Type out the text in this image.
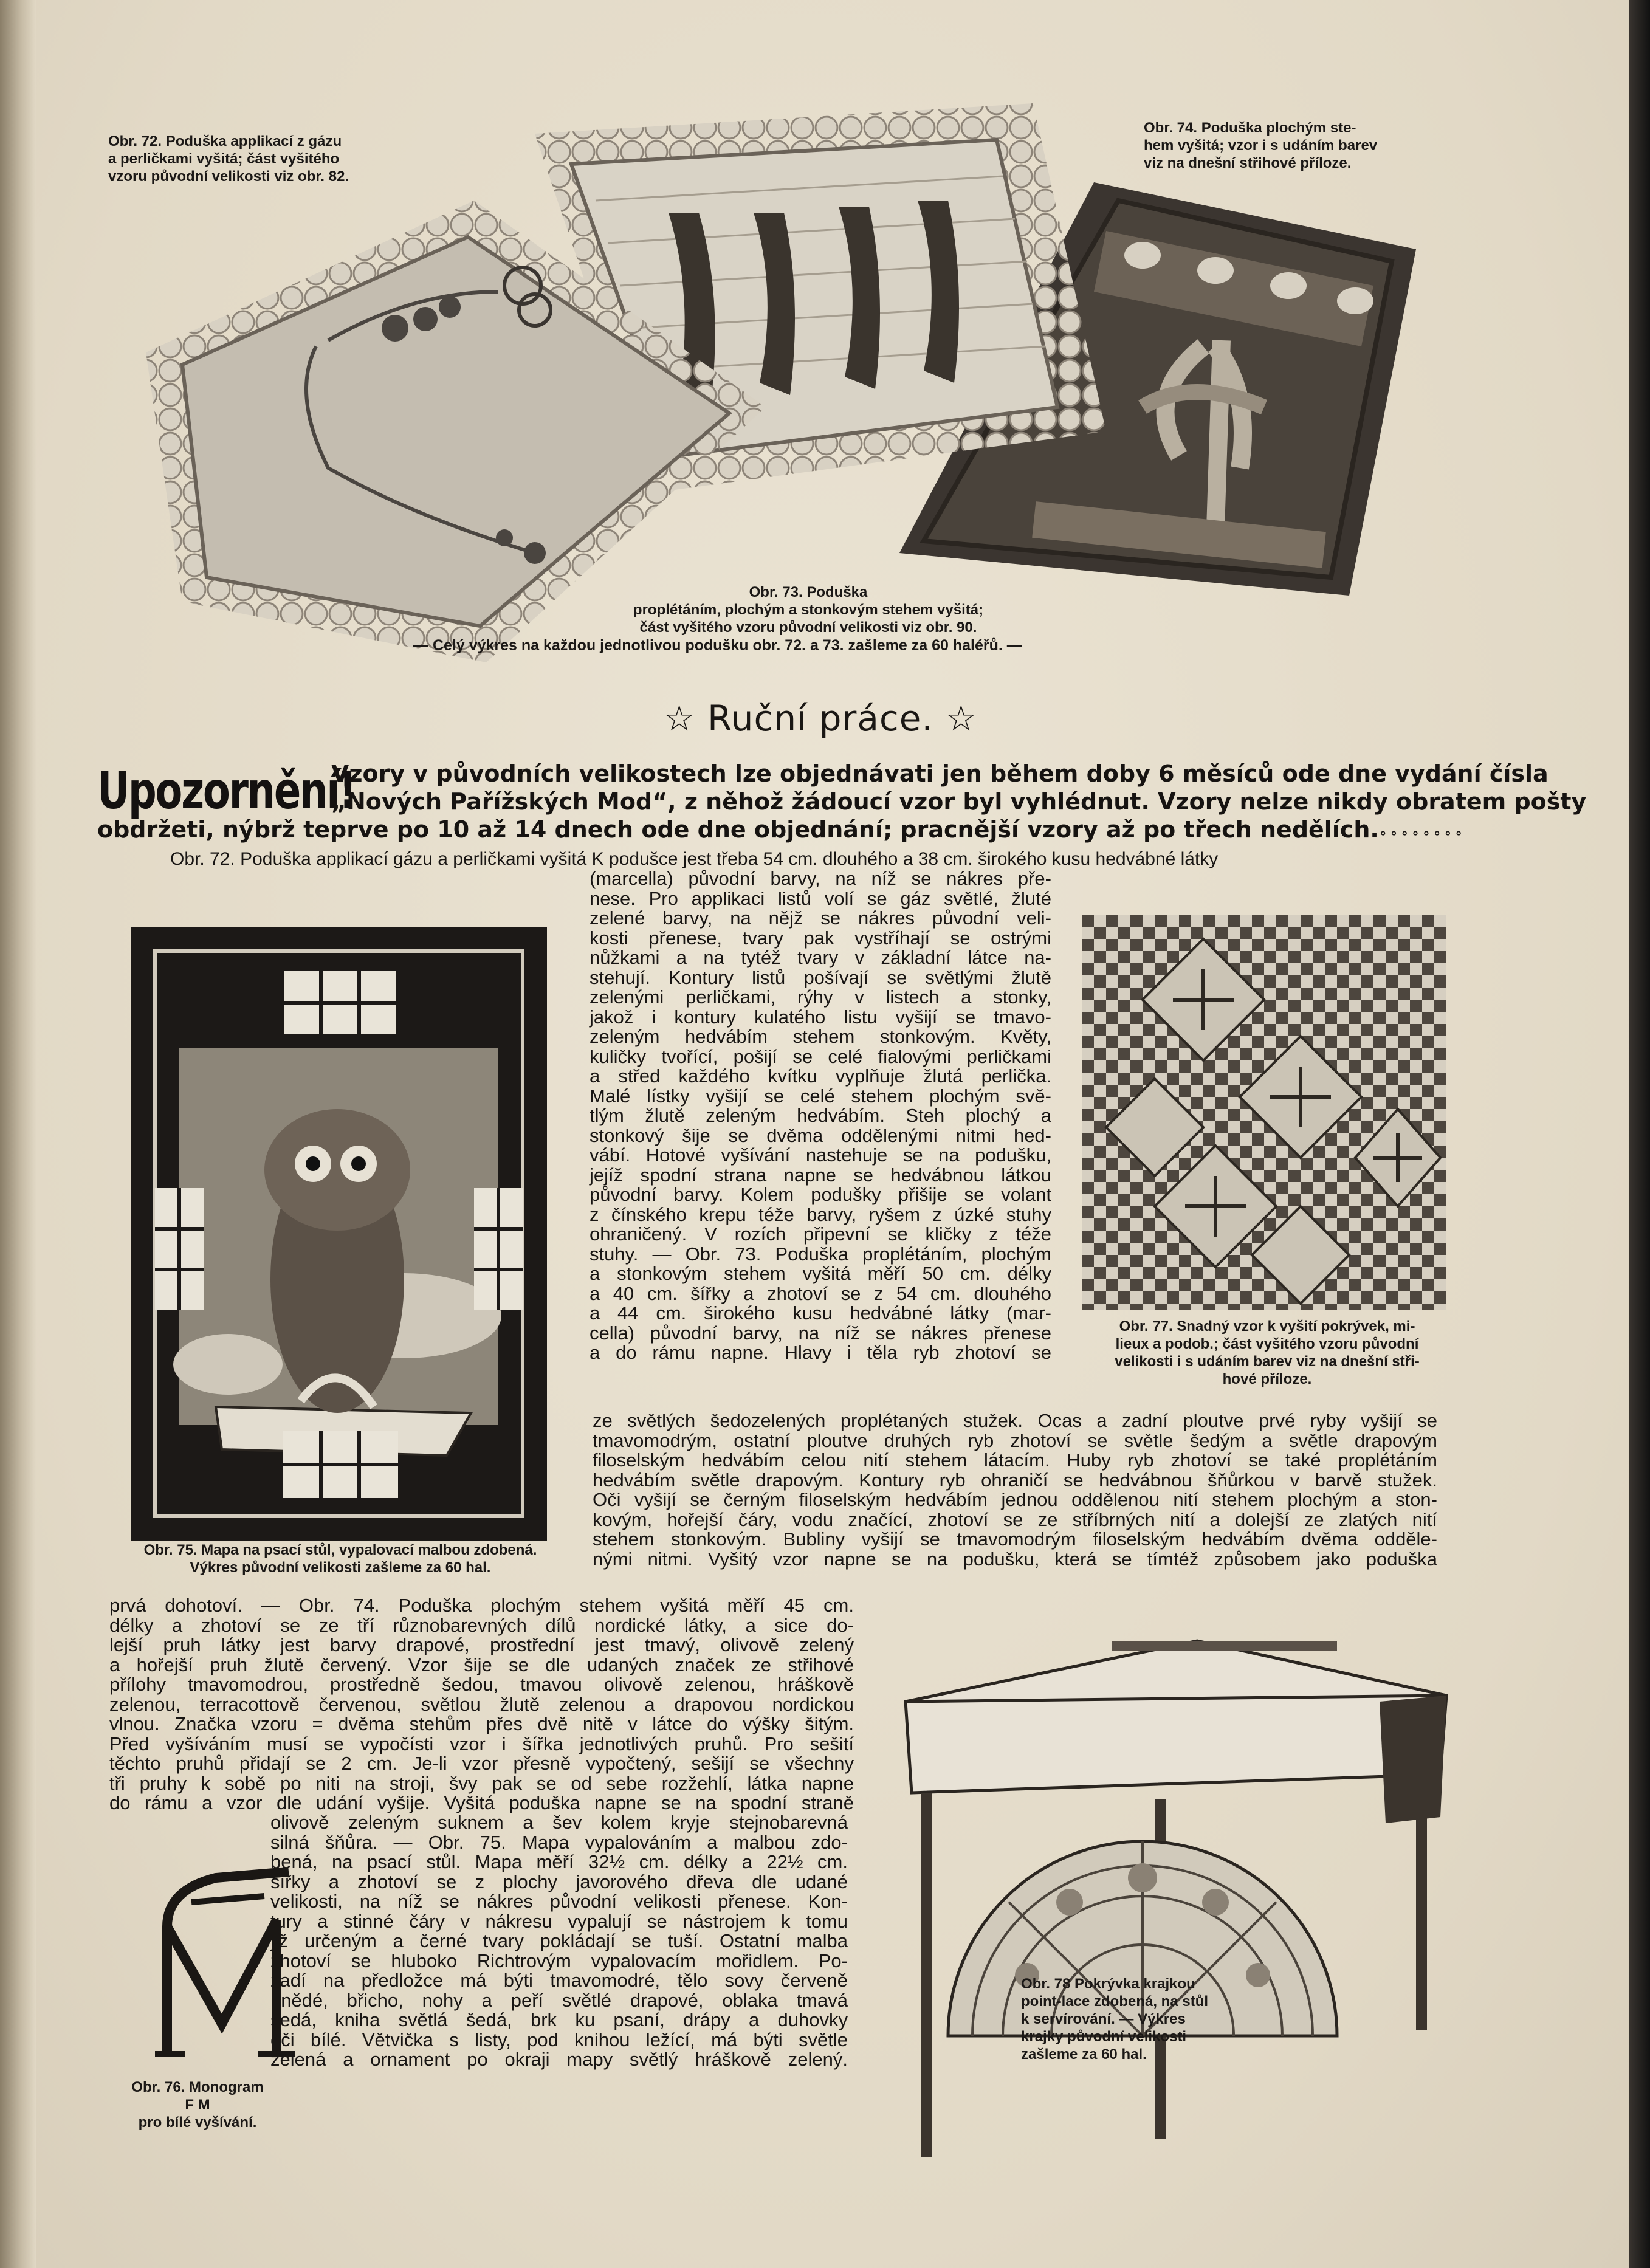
Obr. 72. Poduška applikací z gázu
a perličkami vyšitá; část vyšitého
vzoru původní velikosti viz obr. 82.
Obr. 74. Poduška plochým ste-
hem vyšitá; vzor i s udáním barev
viz na dnešní střihové příloze.
Obr. 73. Poduška
proplétáním, plochým a stonkovým stehem vyšitá;
část vyšitého vzoru původní velikosti viz obr. 90.
— Celý výkres na každou jednotlivou podušku obr. 72. a 73. zašleme za 60 haléřů. —
☆ Ruční práce. ☆
Upozornění!
Vzory v původních velikostech lze objednávati jen během doby 6 měsíců ode dne vydání čísla
„Nových Pařížských Mod“, z něhož žádoucí vzor byl vyhlédnut. Vzory nelze nikdy obratem pošty
obdržeti, nýbrž teprve po 10 až 14 dnech ode dne objednání; pracnější vzory až po třech nedělích.∘∘∘∘∘∘∘∘
Obr. 72. Poduška applikací gázu a perličkami vyšitá K podušce jest třeba 54 cm. dlouhého a 38 cm. širokého kusu hedvábné látky
Obr. 75. Mapa na psací stůl, vypalovací malbou zdobená.
Výkres původní velikosti zašleme za 60 hal.
(marcella) původní barvy, na níž se nákres pře-
nese. Pro applikaci listů volí se gáz světlé, žluté
zelené barvy, na nějž se nákres původní veli-
kosti přenese, tvary pak vystříhají se ostrými
nůžkami a na tytéž tvary v základní látce na-
stehují. Kontury listů pošívají se světlými žlutě
zelenými perličkami, rýhy v listech a stonky,
jakož i kontury kulatého listu vyšijí se tmavo-
zeleným hedvábím stehem stonkovým. Květy,
kuličky tvořící, pošijí se celé fialovými perličkami
a střed každého kvítku vyplňuje žlutá perlička.
Malé lístky vyšijí se celé stehem plochým svě-
tlým žlutě zeleným hedvábím. Steh plochý a
stonkový šije se dvěma oddělenými nitmi hed-
vábí. Hotové vyšívání nastehuje se na podušku,
jejíž spodní strana napne se hedvábnou látkou
původní barvy. Kolem podušky přišije se volant
z čínského krepu téže barvy, ryšem z úzké stuhy
ohraničený. V rozích připevní se kličky z téže
stuhy. — Obr. 73. Poduška proplétáním, plochým
a stonkovým stehem vyšitá měří 50 cm. délky
a 40 cm. šířky a zhotoví se z 54 cm. dlouhého
a 44 cm. širokého kusu hedvábné látky (mar-
cella) původní barvy, na níž se nákres přenese
a do rámu napne. Hlavy i těla ryb zhotoví se
Obr. 77. Snadný vzor k vyšití pokrývek, mi-
lieux a podob.; část vyšitého vzoru původní
velikosti i s udáním barev viz na dnešní stři-
hové příloze.
ze světlých šedozelených proplétaných stužek. Ocas a zadní ploutve prvé ryby vyšijí se
tmavomodrým, ostatní ploutve druhých ryb zhotoví se světle šedým a světle drapovým
filoselským hedvábím celou nití stehem látacím. Huby ryb zhotoví se také proplétáním
hedvábím světle drapovým. Kontury ryb ohraničí se hedvábnou šňůrkou v barvě stužek.
Oči vyšijí se černým filoselským hedvábím jednou oddělenou nití stehem plochým a ston-
kovým, hořejší čáry, vodu značící, zhotoví se ze stříbrných nití a dolejší ze zlatých nití
stehem stonkovým. Bubliny vyšijí se tmavomodrým filoselským hedvábím dvěma odděle-
nými nitmi. Vyšitý vzor napne se na podušku, která se tímtéž způsobem jako poduška
prvá dohotoví. — Obr. 74. Poduška plochým stehem vyšitá měří 45 cm.
délky a zhotoví se ze tří různobarevných dílů nordické látky, a sice do-
lejší pruh látky jest barvy drapové, prostřední jest tmavý, olivově zelený
a hořejší pruh žlutě červený. Vzor šije se dle udaných značek ze střihové
přílohy tmavomodrou, prostředně šedou, tmavou olivově zelenou, hráškově
zelenou, terracottově červenou, světlou žlutě zelenou a drapovou nordickou
vlnou. Značka vzoru = dvěma stehům přes dvě nitě v látce do výšky šitým.
Před vyšíváním musí se vypočísti vzor i šířka jednotlivých pruhů. Pro sešití
těchto pruhů přidají se 2 cm. Je-li vzor přesně vypočtený, sešijí se všechny
tři pruhy k sobě po niti na stroji, švy pak se od sebe rozžehlí, látka napne
do rámu a vzor dle udání vyšije. Vyšitá poduška napne se na spodní straně
olivově zeleným suknem a šev kolem kryje stejnobarevná
silná šňůra. — Obr. 75. Mapa vypalováním a malbou zdo-
bená, na psací stůl. Mapa měří 32½ cm. délky a 22½ cm.
šířky a zhotoví se z plochy javorového dřeva dle udané
velikosti, na níž se nákres původní velikosti přenese. Kon-
tury a stinné čáry v nákresu vypalují se nástrojem k tomu
již určeným a černé tvary pokládají se tuší. Ostatní malba
zhotoví se hluboko Richtrovým vypalovacím mořidlem. Po-
zadí na předložce má býti tmavomodré, tělo sovy červeně
hnědé, břicho, nohy a peří světlé drapové, oblaka tmavá
šedá, kniha světlá šedá, brk ku psaní, drápy a duhovky
oči bílé. Větvička s listy, pod knihou ležící, má býti světle
zelená a ornament po okraji mapy světlý hráškově zelený.
Obr. 76. Monogram
F M
pro bílé vyšívání.
Obr. 78 Pokrývka krajkou
point-lace zdobená, na stůl
k servírování. — Výkres
krajky původní velikosti
zašleme za 60 hal.
